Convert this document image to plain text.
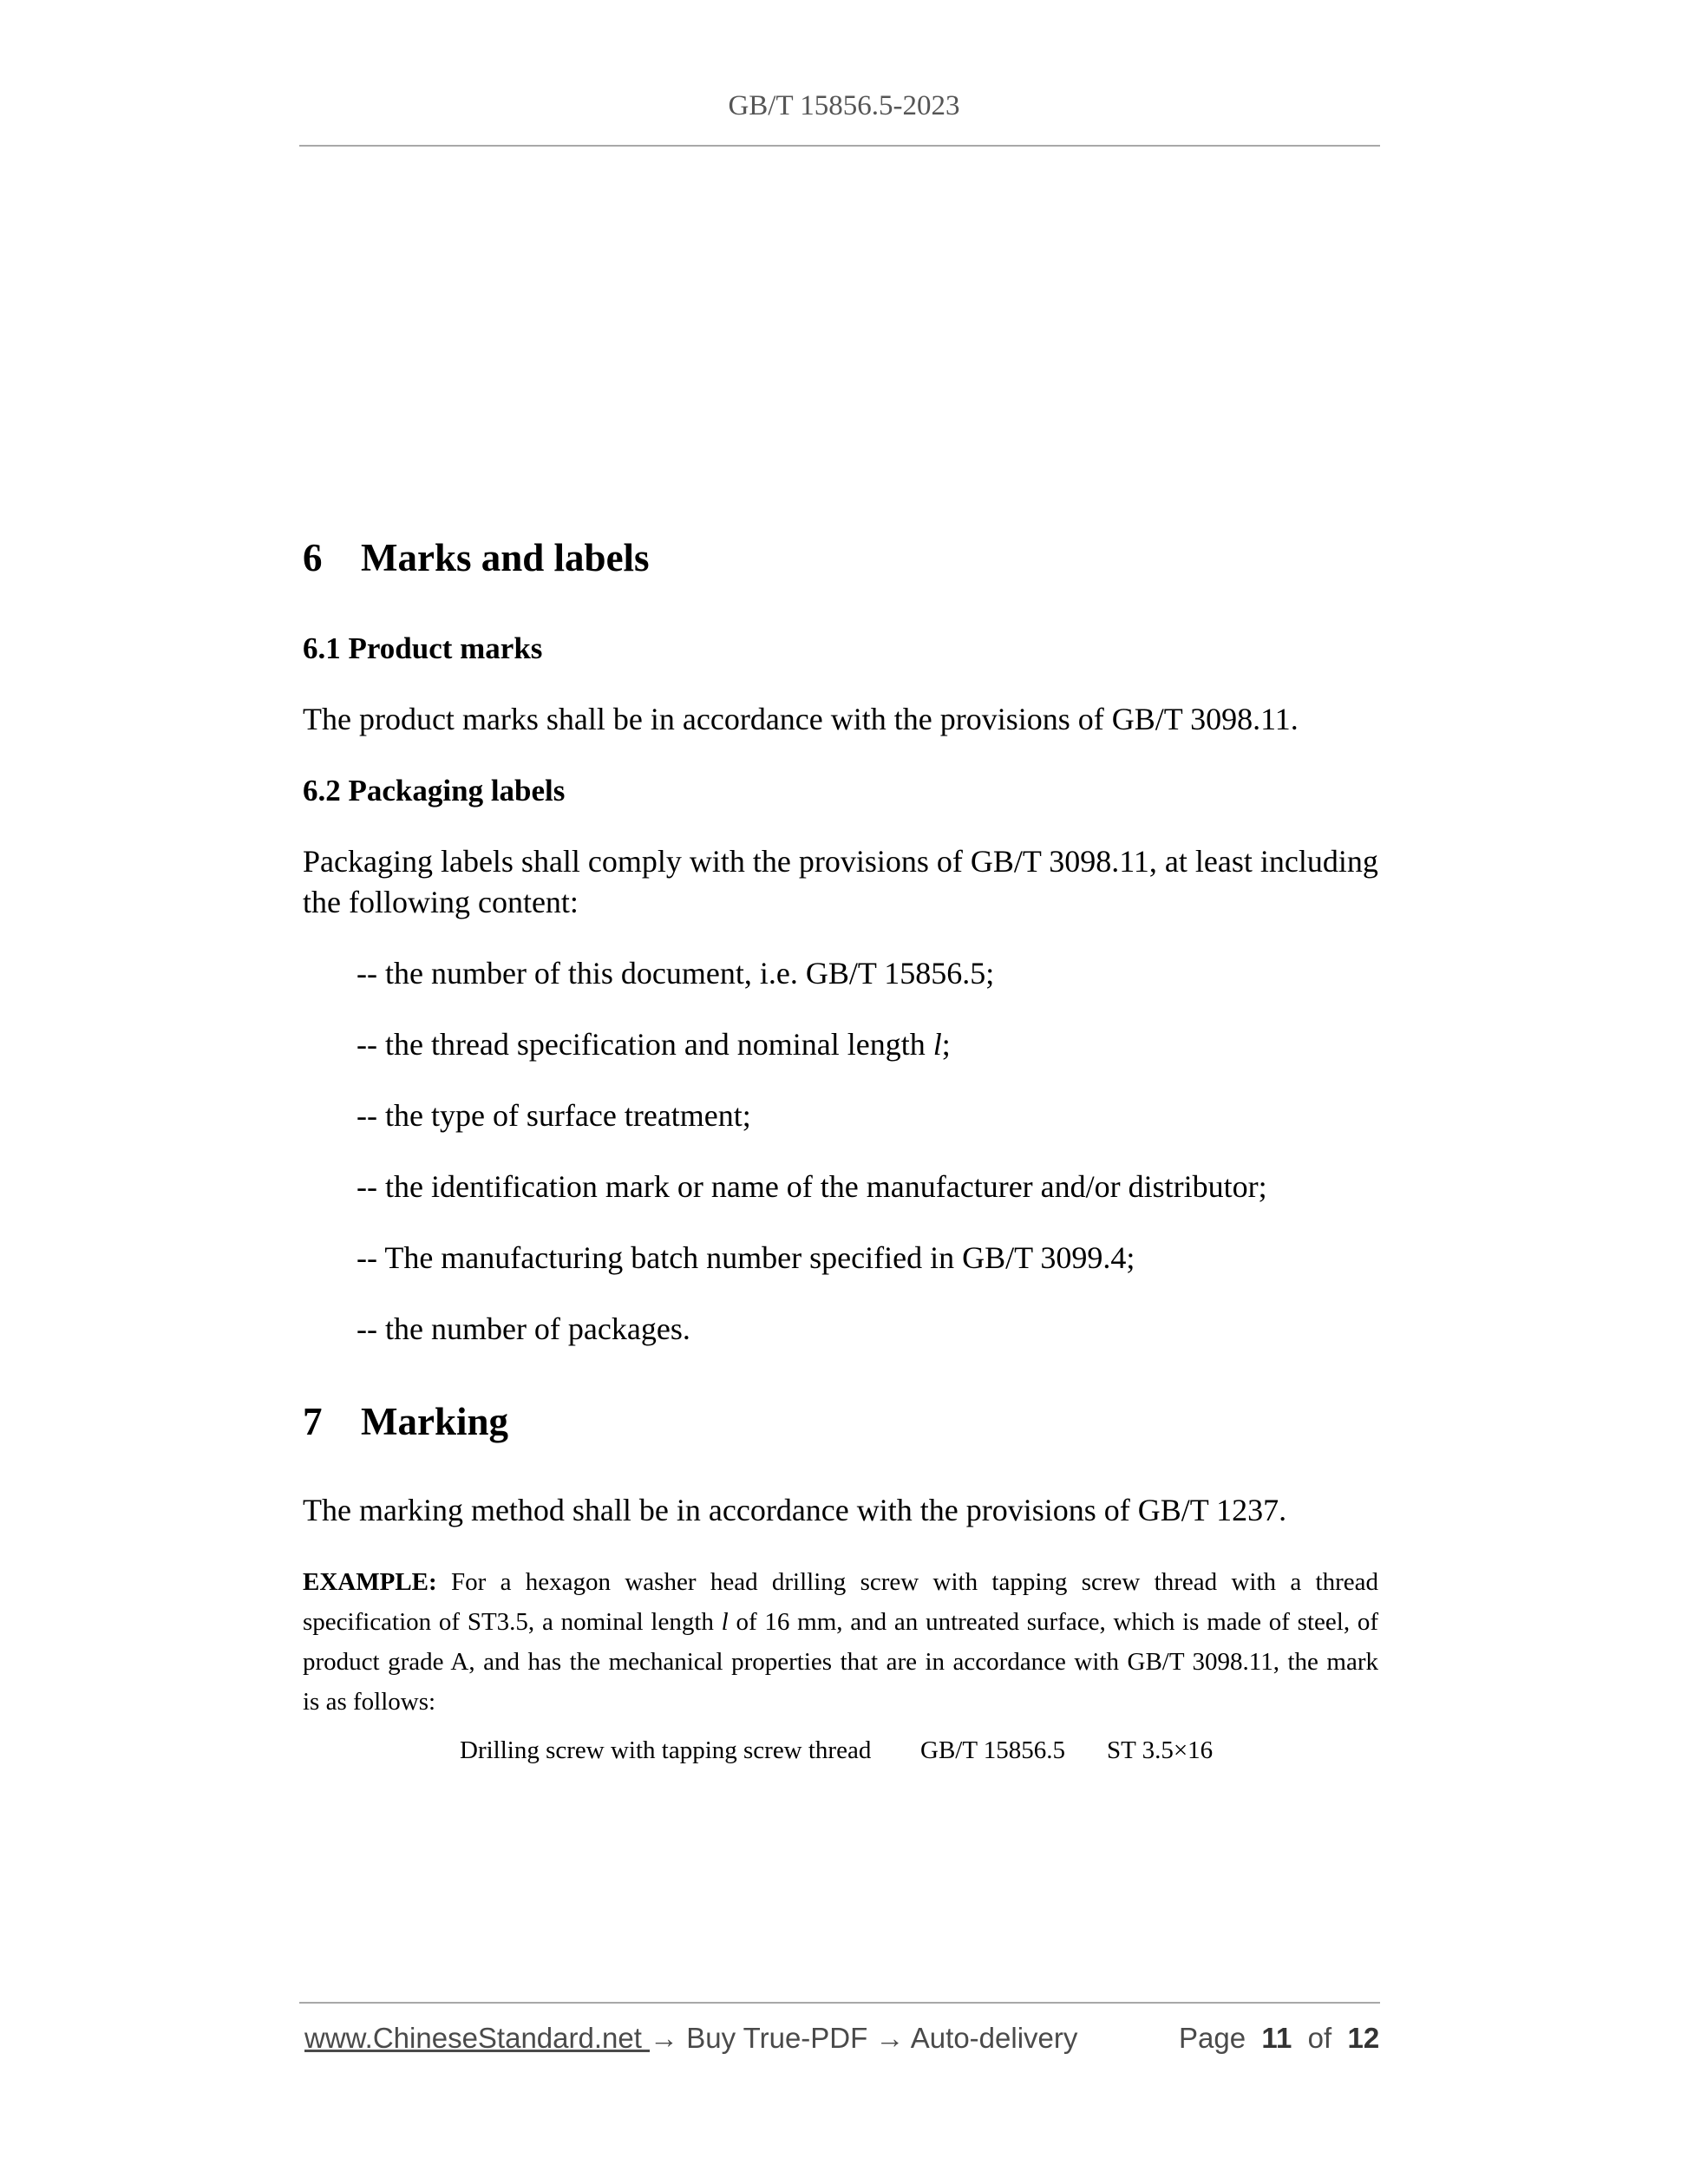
GB/T 15856.5-2023
6 Marks and labels
6.1 Product marks
The product marks shall be in accordance with the provisions of GB/T 3098.11.
6.2 Packaging labels
Packaging labels shall comply with the provisions of GB/T 3098.11, at least including the following content:
-- the number of this document, i.e. GB/T 15856.5;
-- the thread specification and nominal length l;
-- the type of surface treatment;
-- the identification mark or name of the manufacturer and/or distributor;
-- The manufacturing batch number specified in GB/T 3099.4;
-- the number of packages.
7 Marking
The marking method shall be in accordance with the provisions of GB/T 1237.
EXAMPLE: For a hexagon washer head drilling screw with tapping screw thread with a thread
specification of ST3.5, a nominal length l of 16 mm, and an untreated surface, which is made of steel, of
product grade A, and has the mechanical properties that are in accordance with GB/T 3098.11, the mark
is as follows:
Drilling screw with tapping screw thread GB/T 15856.5 ST 3.5×16
www.ChineseStandard.net → Buy True-PDF → Auto-delivery	Page 11 of 12
